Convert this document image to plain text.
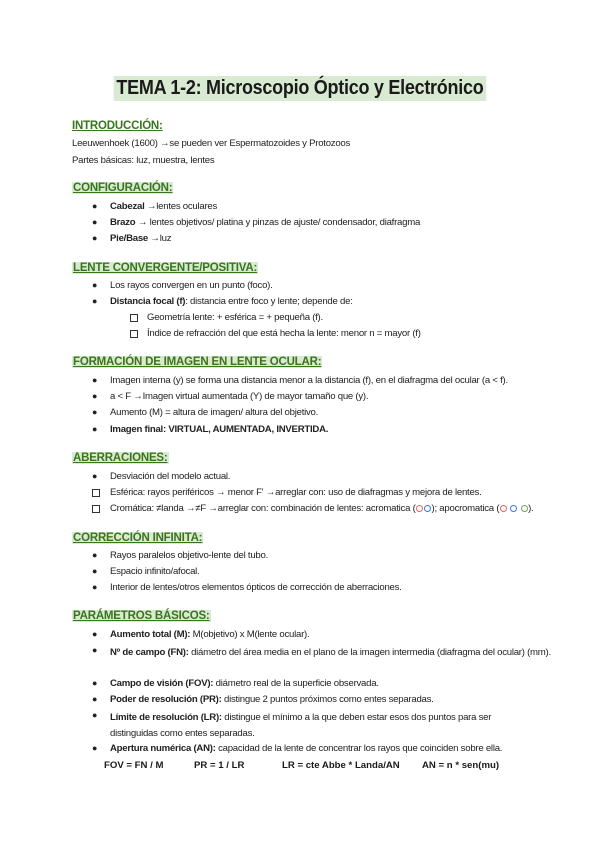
TEMA 1-2: Microscopio Óptico y Electrónico
INTRODUCCIÓN:
Leeuwenhoek (1600) →se pueden ver Espermatozoides y Protozoos
Partes básicas: luz, muestra, lentes
CONFIGURACIÓN:
● Cabezal →lentes oculares
● Brazo → lentes objetivos/ platina y pinzas de ajuste/ condensador, diafragma
● Pie/Base →luz
LENTE CONVERGENTE/POSITIVA:
● Los rayos convergen en un punto (foco).
● Distancia focal (f): distancia entre foco y lente; depende de:
Geometría lente: + esférica = + pequeña (f).
Índice de refracción del que está hecha la lente: menor n = mayor (f)
FORMACIÓN DE IMAGEN EN LENTE OCULAR:
● Imagen interna (y) se forma una distancia menor a la distancia (f), en el diafragma del ocular (a < f).
● a < F →Imagen virtual aumentada (Y) de mayor tamaño que (y).
● Aumento (M) = altura de imagen/ altura del objetivo.
● Imagen final: VIRTUAL, AUMENTADA, INVERTIDA.
ABERRACIONES:
● Desviación del modelo actual.
Esférica: rayos periféricos → menor F' →arreglar con: uso de diafragmas y mejora de lentes.
Cromática: ≠landa →≠F →arreglar con: combinación de lentes: acromatica ( ); apocromatica (	).
CORRECCIÓN INFINITA:
● Rayos paralelos objetivo-lente del tubo.
● Espacio infinito/afocal.
● Interior de lentes/otros elementos ópticos de corrección de aberraciones.
PARÁMETROS BÁSICOS:
● Aumento total (M): M(objetivo) x M(lente ocular).
● Nº de campo (FN): diámetro del área media en el plano de la imagen intermedia (diafragma del ocular) (mm).
● Campo de visión (FOV): diámetro real de la superficie observada.
● Poder de resolución (PR): distingue 2 puntos próximos como entes separadas.
● Límite de resolución (LR): distingue el mínimo a la que deben estar esos dos puntos para ser distinguidas como entes separadas.
● Apertura numérica (AN): capacidad de la lente de concentrar los rayos que coinciden sobre ella.
FOV = FN / M	PR = 1 / LR	LR = cte Abbe * Landa/AN AN = n * sen(mu)
